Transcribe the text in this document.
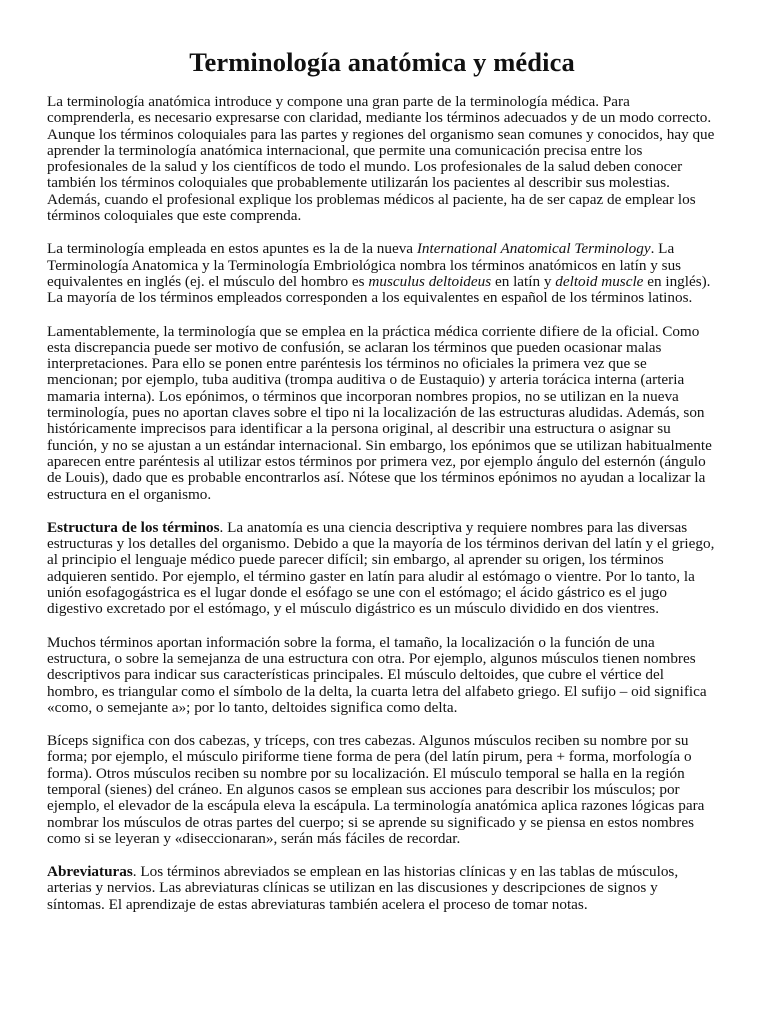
Terminología anatómica y médica

La terminología anatómica introduce y compone una gran parte de la terminología médica. Para comprenderla, es necesario expresarse con claridad, mediante los términos adecuados y de un modo correcto. Aunque los términos coloquiales para las partes y regiones del organismo sean comunes y conocidos, hay que aprender la terminología anatómica internacional, que permite una comunicación precisa entre los profesionales de la salud y los científicos de todo el mundo. Los profesionales de la salud deben conocer también los términos coloquiales que probablemente utilizarán los pacientes al describir sus molestias. Además, cuando el profesional explique los problemas médicos al paciente, ha de ser capaz de emplear los términos coloquiales que este comprenda.

La terminología empleada en estos apuntes es la de la nueva International Anatomical Terminology. La Terminología Anatomica y la Terminología Embriológica nombra los términos anatómicos en latín y sus equivalentes en inglés (ej. el músculo del hombro es musculus deltoideus en latín y deltoid muscle en inglés). La mayoría de los términos empleados corresponden a los equivalentes en español de los términos latinos.

Lamentablemente, la terminología que se emplea en la práctica médica corriente difiere de la oficial. Como esta discrepancia puede ser motivo de confusión, se aclaran los términos que pueden ocasionar malas interpretaciones. Para ello se ponen entre paréntesis los términos no oficiales la primera vez que se mencionan; por ejemplo, tuba auditiva (trompa auditiva o de Eustaquio) y arteria torácica interna (arteria mamaria interna). Los epónimos, o términos que incorporan nombres propios, no se utilizan en la nueva terminología, pues no aportan claves sobre el tipo ni la localización de las estructuras aludidas. Además, son históricamente imprecisos para identificar a la persona original, al describir una estructura o asignar su función, y no se ajustan a un estándar internacional. Sin embargo, los epónimos que se utilizan habitualmente aparecen entre paréntesis al utilizar estos términos por primera vez, por ejemplo ángulo del esternón (ángulo de Louis), dado que es probable encontrarlos así. Nótese que los términos epónimos no ayudan a localizar la estructura en el organismo.

Estructura de los términos. La anatomía es una ciencia descriptiva y requiere nombres para las diversas estructuras y los detalles del organismo. Debido a que la mayoría de los términos derivan del latín y el griego, al principio el lenguaje médico puede parecer difícil; sin embargo, al aprender su origen, los términos adquieren sentido. Por ejemplo, el término gaster en latín para aludir al estómago o vientre. Por lo tanto, la unión esofagogástrica es el lugar donde el esófago se une con el estómago; el ácido gástrico es el jugo digestivo excretado por el estómago, y el músculo digástrico es un músculo dividido en dos vientres.

Muchos términos aportan información sobre la forma, el tamaño, la localización o la función de una estructura, o sobre la semejanza de una estructura con otra. Por ejemplo, algunos músculos tienen nombres descriptivos para indicar sus características principales. El músculo deltoides, que cubre el vértice del hombro, es triangular como el símbolo de la delta, la cuarta letra del alfabeto griego. El sufijo – oid significa «como, o semejante a»; por lo tanto, deltoides significa como delta.

Bíceps significa con dos cabezas, y tríceps, con tres cabezas. Algunos músculos reciben su nombre por su forma; por ejemplo, el músculo piriforme tiene forma de pera (del latín pirum, pera + forma, morfología o forma). Otros músculos reciben su nombre por su localización. El músculo temporal se halla en la región temporal (sienes) del cráneo. En algunos casos se emplean sus acciones para describir los músculos; por ejemplo, el elevador de la escápula eleva la escápula. La terminología anatómica aplica razones lógicas para nombrar los músculos de otras partes del cuerpo; si se aprende su significado y se piensa en estos nombres como si se leyeran y «diseccionaran», serán más fáciles de recordar.

Abreviaturas. Los términos abreviados se emplean en las historias clínicas y en las tablas de músculos, arterias y nervios. Las abreviaturas clínicas se utilizan en las discusiones y descripciones de signos y síntomas. El aprendizaje de estas abreviaturas también acelera el proceso de tomar notas.
